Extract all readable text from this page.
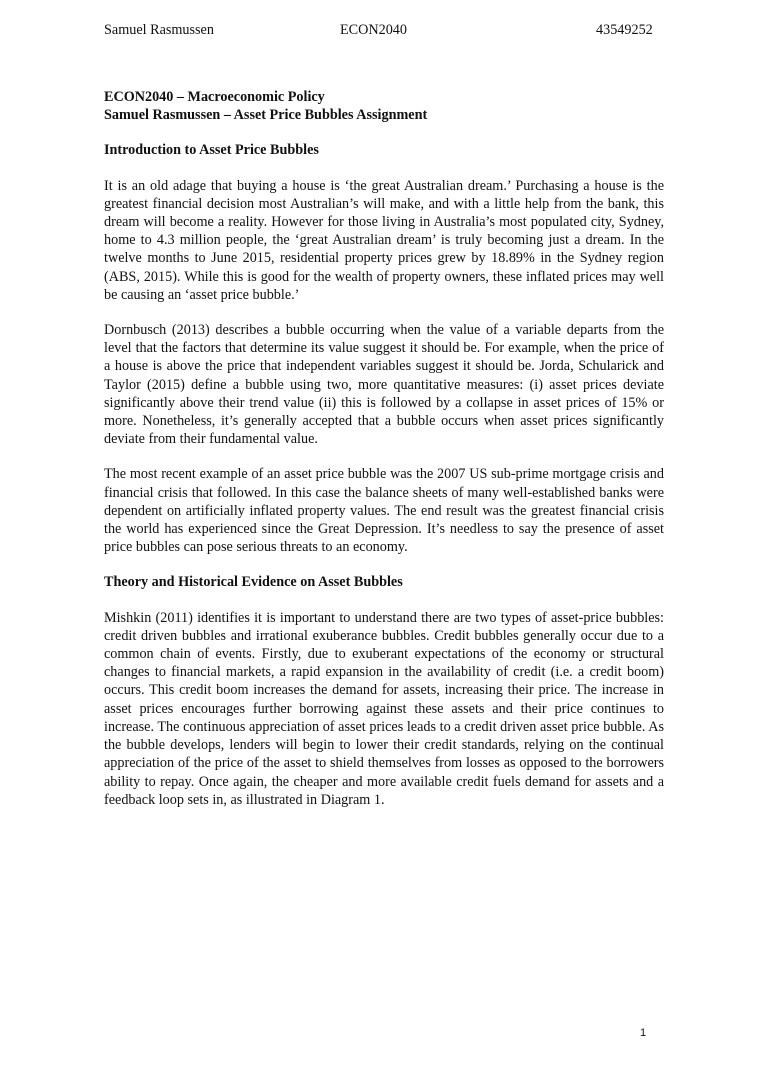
Samuel Rasmussen	ECON2040	43549252

ECON2040 – Macroeconomic Policy

Samuel Rasmussen – Asset Price Bubbles Assignment

Introduction to Asset Price Bubbles

It is an old adage that buying a house is ‘the great Australian dream.’ Purchasing a house is the greatest financial decision most Australian’s will make, and with a little help from the bank, this dream will become a reality. However for those living in Australia’s most populated city, Sydney, home to 4.3 million people, the ‘great Australian dream’ is truly becoming just a dream. In the twelve months to June 2015, residential property prices grew by 18.89% in the Sydney region (ABS, 2015). While this is good for the wealth of property owners, these inflated prices may well be causing an ‘asset price bubble.’

Dornbusch (2013) describes a bubble occurring when the value of a variable departs from the level that the factors that determine its value suggest it should be. For example, when the price of a house is above the price that independent variables suggest it should be. Jorda, Schularick and Taylor (2015) define a bubble using two, more quantitative measures: (i) asset prices deviate significantly above their trend value (ii) this is followed by a collapse in asset prices of 15% or more. Nonetheless, it’s generally accepted that a bubble occurs when asset prices significantly deviate from their fundamental value.

The most recent example of an asset price bubble was the 2007 US sub-prime mortgage crisis and financial crisis that followed. In this case the balance sheets of many well-established banks were dependent on artificially inflated property values. The end result was the greatest financial crisis the world has experienced since the Great Depression. It’s needless to say the presence of asset price bubbles can pose serious threats to an economy.

Theory and Historical Evidence on Asset Bubbles

Mishkin (2011) identifies it is important to understand there are two types of asset-price bubbles: credit driven bubbles and irrational exuberance bubbles. Credit bubbles generally occur due to a common chain of events. Firstly, due to exuberant expectations of the economy or structural changes to financial markets, a rapid expansion in the availability of credit (i.e. a credit boom) occurs. This credit boom increases the demand for assets, increasing their price. The increase in asset prices encourages further borrowing against these assets and their price continues to increase. The continuous appreciation of asset prices leads to a credit driven asset price bubble. As the bubble develops, lenders will begin to lower their credit standards, relying on the continual appreciation of the price of the asset to shield themselves from losses as opposed to the borrowers ability to repay. Once again, the cheaper and more available credit fuels demand for assets and a feedback loop sets in, as illustrated in Diagram 1.

1
